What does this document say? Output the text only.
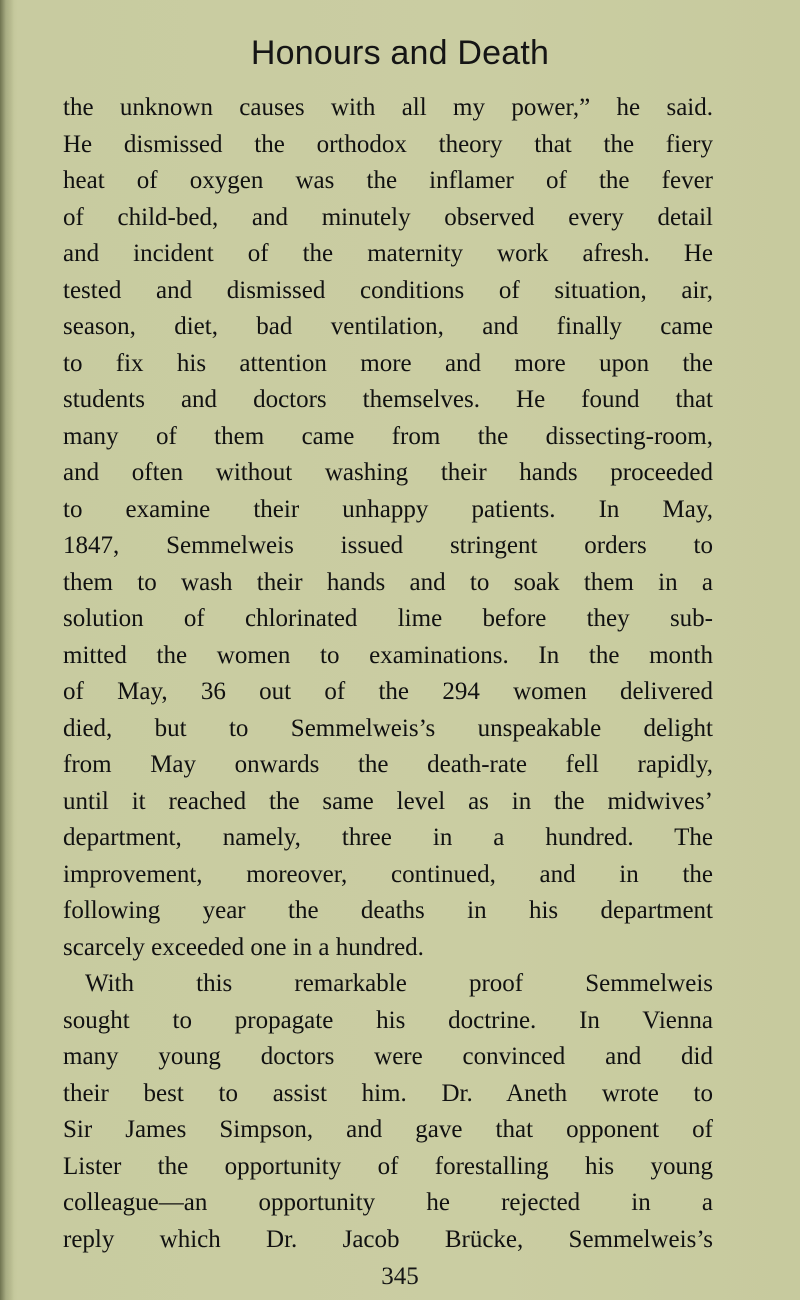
Honours and Death
the unknown causes with all my power,” he said.
He dismissed the orthodox theory that the fiery
heat of oxygen was the inflamer of the fever
of child-bed, and minutely observed every detail
and incident of the maternity work afresh. He
tested and dismissed conditions of situation, air,
season, diet, bad ventilation, and finally came
to fix his attention more and more upon the
students and doctors themselves. He found that
many of them came from the dissecting-room,
and often without washing their hands proceeded
to examine their unhappy patients. In May,
1847, Semmelweis issued stringent orders to
them to wash their hands and to soak them in a
solution of chlorinated lime before they sub-
mitted the women to examinations. In the month
of May, 36 out of the 294 women delivered
died, but to Semmelweis’s unspeakable delight
from May onwards the death-rate fell rapidly,
until it reached the same level as in the midwives’
department, namely, three in a hundred. The
improvement, moreover, continued, and in the
following year the deaths in his department
scarcely exceeded one in a hundred.
With this remarkable proof Semmelweis
sought to propagate his doctrine. In Vienna
many young doctors were convinced and did
their best to assist him. Dr. Aneth wrote to
Sir James Simpson, and gave that opponent of
Lister the opportunity of forestalling his young
colleague—an opportunity he rejected in a
reply which Dr. Jacob Brücke, Semmelweis’s
345
